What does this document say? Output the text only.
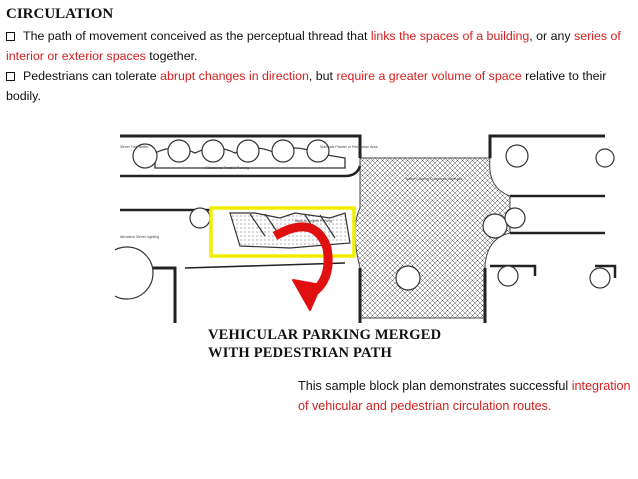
CIRCULATION
The path of movement conceived as the perceptual thread that links the spaces of a building, or any series of interior or exterior spaces together.
Pedestrians can tolerate abrupt changes in direction, but require a greater volume of space relative to their bodily.
Street Tree Buffer
Occasional Parallel Parking
Sidewalk Planter or Pedestrian Area
Back-in Angled Parking
Traffic Calming Crosswalk Materials
Attractive Street Lighting
VEHICULAR PARKING MERGED
WITH PEDESTRIAN PATH
This sample block plan demonstrates successful integration of vehicular and pedestrian circulation routes.
